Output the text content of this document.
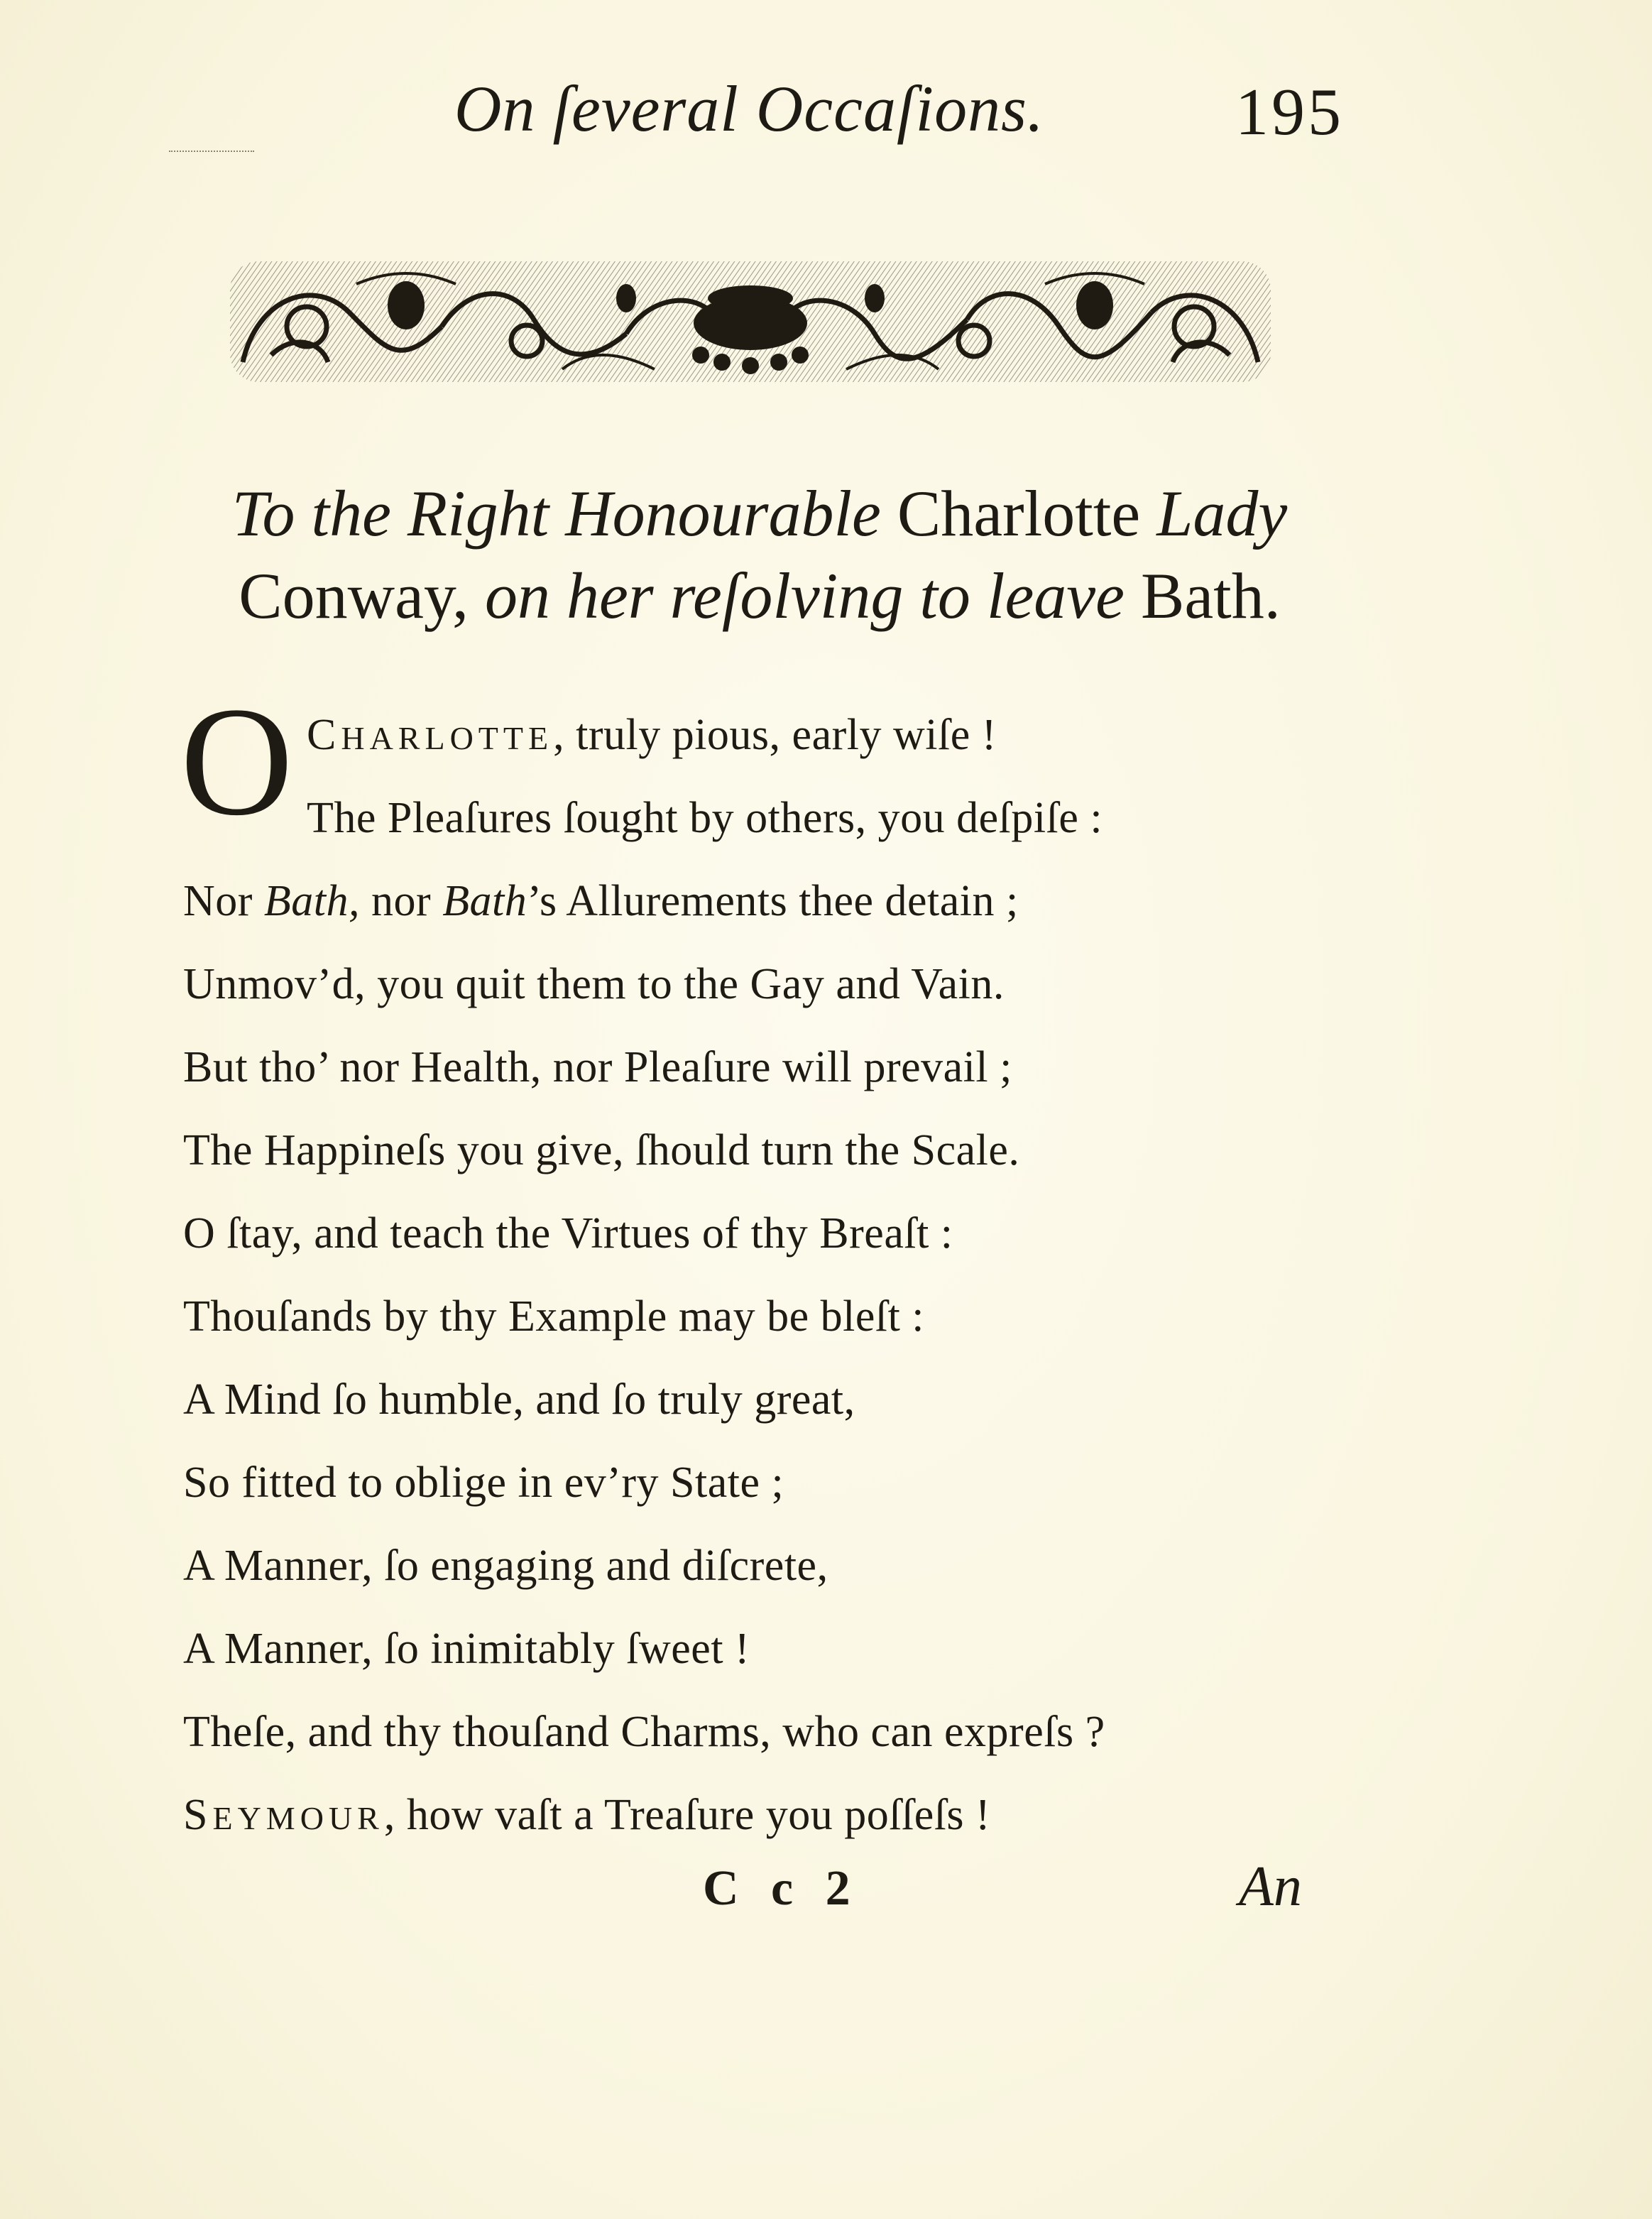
On ſeveral Occaſions.	195
To the Right Honourable Charlotte Lady
Conway, on her reſolving to leave Bath.
O CHARLOTTE, truly pious, early wiſe !
The Pleaſures ſought by others, you deſpiſe :
Nor Bath, nor Bath’s Allurements thee detain ;
Unmov’d, you quit them to the Gay and Vain.
But tho’ nor Health, nor Pleaſure will prevail ;
The Happineſs you give, ſhould turn the Scale.
O ſtay, and teach the Virtues of thy Breaſt :
Thouſands by thy Example may be bleſt :
A Mind ſo humble, and ſo truly great,
So fitted to oblige in ev’ry State ;
A Manner, ſo engaging and diſcrete,
A Manner, ſo inimitably ſweet !
Theſe, and thy thouſand Charms, who can expreſs ?
SEYMOUR, how vaſt a Treaſure you poſſeſs !
C c 2	An
